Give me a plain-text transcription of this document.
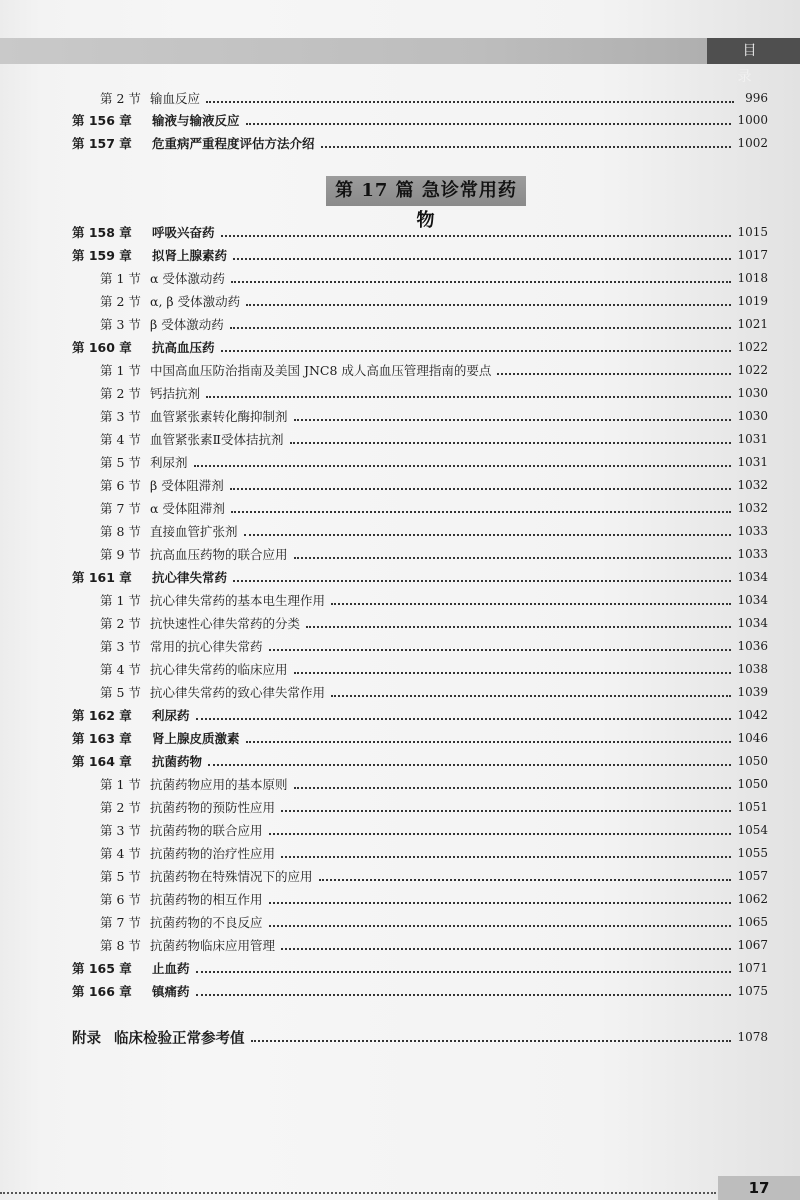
目 录
第 2 节 输血反应	996
第 156 章	输液与输液反应	1000
第 157 章	危重病严重程度评估方法介绍	1002
第 17 篇 急诊常用药物
第 158 章	呼吸兴奋药	1015
第 159 章	拟肾上腺素药	1017
第 1 节 α 受体激动药	1018
第 2 节 α, β 受体激动药	1019
第 3 节 β 受体激动药	1021
第 160 章	抗高血压药	1022
第 1 节 中国高血压防治指南及美国 JNC8 成人高血压管理指南的要点	1022
第 2 节 钙拮抗剂	1030
第 3 节 血管紧张素转化酶抑制剂	1030
第 4 节 血管紧张素Ⅱ受体拮抗剂	1031
第 5 节 利尿剂	1031
第 6 节 β 受体阻滞剂	1032
第 7 节 α 受体阻滞剂	1032
第 8 节 直接血管扩张剂	1033
第 9 节 抗高血压药物的联合应用	1033
第 161 章	抗心律失常药	1034
第 1 节 抗心律失常药的基本电生理作用	1034
第 2 节 抗快速性心律失常药的分类	1034
第 3 节 常用的抗心律失常药	1036
第 4 节 抗心律失常药的临床应用	1038
第 5 节 抗心律失常药的致心律失常作用	1039
第 162 章	利尿药	1042
第 163 章	肾上腺皮质激素	1046
第 164 章	抗菌药物	1050
第 1 节 抗菌药物应用的基本原则	1050
第 2 节 抗菌药物的预防性应用	1051
第 3 节 抗菌药物的联合应用	1054
第 4 节 抗菌药物的治疗性应用	1055
第 5 节 抗菌药物在特殊情况下的应用	1057
第 6 节 抗菌药物的相互作用	1062
第 7 节 抗菌药物的不良反应	1065
第 8 节 抗菌药物临床应用管理	1067
第 165 章	止血药	1071
第 166 章	镇痛药	1075
附录 临床检验正常参考值	1078
17
